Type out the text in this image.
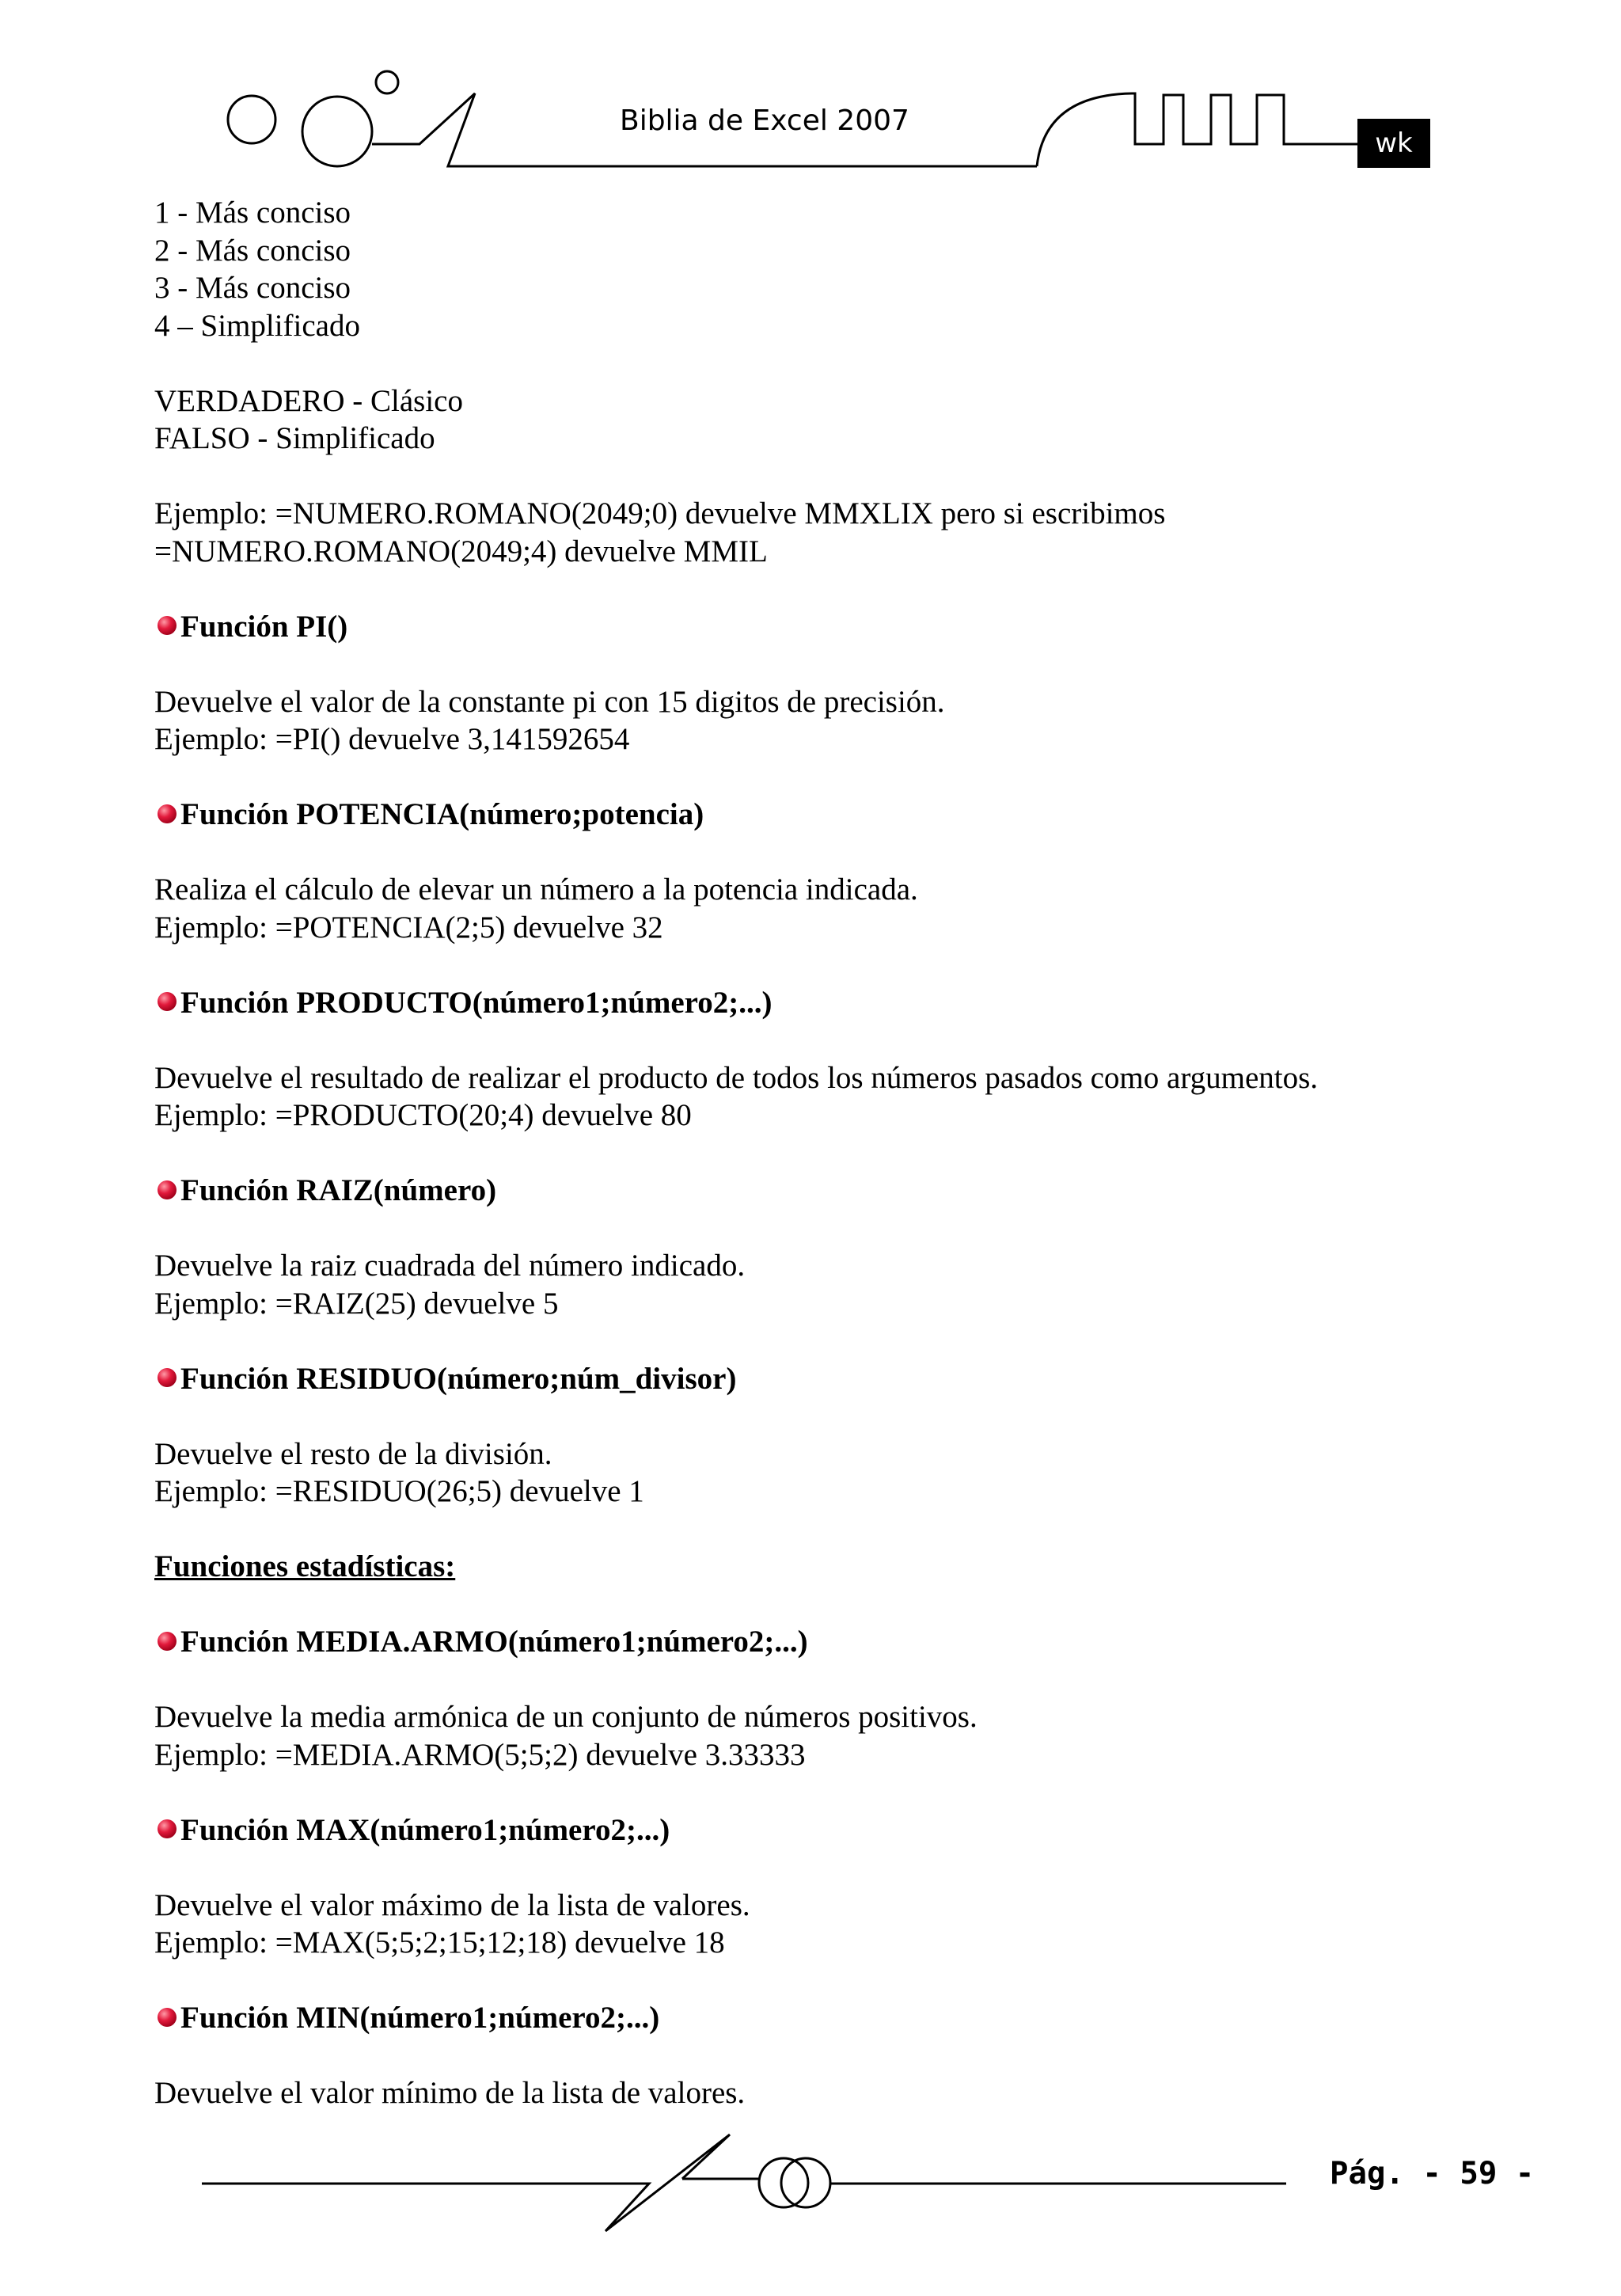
Biblia de Excel 2007
wk
1 - Más conciso
2 - Más conciso
3 - Más conciso
4 – Simplificado
VERDADERO - Clásico
FALSO - Simplificado
Ejemplo: =NUMERO.ROMANO(2049;0) devuelve MMXLIX pero si escribimos
=NUMERO.ROMANO(2049;4) devuelve MMIL
Función PI()
Devuelve el valor de la constante pi con 15 digitos de precisión.
Ejemplo: =PI() devuelve 3,141592654
Función POTENCIA(número;potencia)
Realiza el cálculo de elevar un número a la potencia indicada.
Ejemplo: =POTENCIA(2;5) devuelve 32
Función PRODUCTO(número1;número2;...)
Devuelve el resultado de realizar el producto de todos los números pasados como argumentos.
Ejemplo: =PRODUCTO(20;4) devuelve 80
Función RAIZ(número)
Devuelve la raiz cuadrada del número indicado.
Ejemplo: =RAIZ(25) devuelve 5
Función RESIDUO(número;núm_divisor)
Devuelve el resto de la división.
Ejemplo: =RESIDUO(26;5) devuelve 1
Funciones estadísticas:
Función MEDIA.ARMO(número1;número2;...)
Devuelve la media armónica de un conjunto de números positivos.
Ejemplo: =MEDIA.ARMO(5;5;2) devuelve 3.33333
Función MAX(número1;número2;...)
Devuelve el valor máximo de la lista de valores.
Ejemplo: =MAX(5;5;2;15;12;18) devuelve 18
Función MIN(número1;número2;...)
Devuelve el valor mínimo de la lista de valores.
Pág. - 59 -
